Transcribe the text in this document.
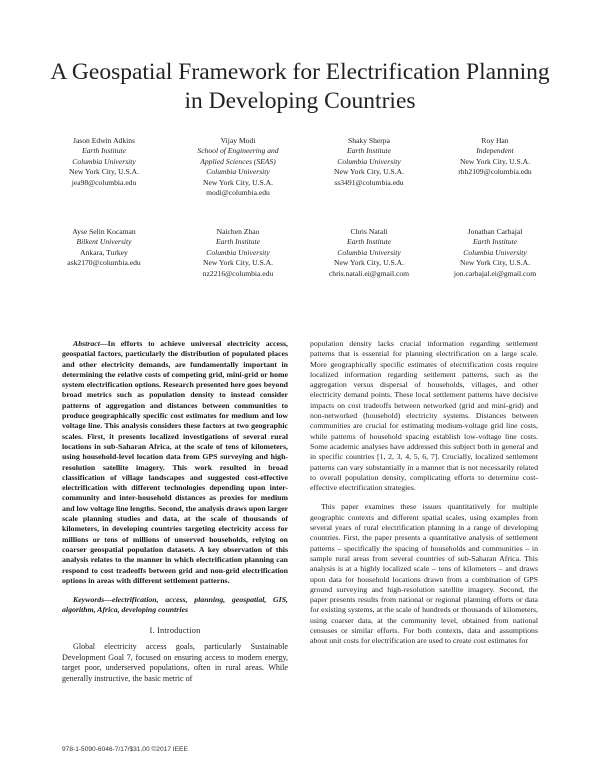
A Geospatial Framework for Electrification Planning
in Developing Countries
Jason Edwin Adkins
Earth Institute
Columbia University
New York City, U.S.A.
jea98@columbia.edu
Vijay Modi
School of Engineering and
Applied Sciences (SEAS)
Columbia University
New York City, U.S.A.
modi@columbia.edu
Shaky Sherpa
Earth Institute
Columbia University
New York City, U.S.A.
ss3491@columbia.edu
Roy Han
Independent
New York City, U.S.A.
rhh2109@columbia.edu
Ayse Selin Kocaman
Bilkent University
Ankara, Turkey
ask2170@columbia.edu
Naichen Zhao
Earth Institute
Columbia University
New York City, U.S.A.
nz2216@columbia.edu
Chris Natali
Earth Institute
Columbia University
New York City, U.S.A.
chris.natali.ei@gmail.com
Jonathan Carbajal
Earth Institute
Columbia University
New York City, U.S.A.
jon.carbajal.ei@gmail.com

Abstract—In efforts to achieve universal electricity access, geospatial factors, particularly the distribution of populated places and other electricity demands, are fundamentally important in determining the relative costs of competing grid, mini-grid or home system electrification options. Research presented here goes beyond broad metrics such as population density to instead consider patterns of aggregation and distances between communities to produce geographically specific cost estimates for medium and low voltage line. This analysis considers these factors at two geographic scales. First, it presents localized investigations of several rural locations in sub-Saharan Africa, at the scale of tens of kilometers, using household-level location data from GPS surveying and high-resolution satellite imagery. This work resulted in broad classification of village landscapes and suggested cost-effective electrification with different technologies depending upon inter-community and inter-household distances as proxies for medium and low voltage line lengths. Second, the analysis draws upon larger scale planning studies and data, at the scale of thousands of kilometers, in developing countries targeting electricity access for millions or tens of millions of unserved households, relying on coarser geospatial population datasets. A key observation of this analysis relates to the manner in which electrification planning can respond to cost tradeoffs between grid and non-grid electrification options in areas with different settlement patterns.

Keywords—electrification, access, planning, geospatial, GIS, algorithm, Africa, developing countries

I. Introduction

Global electricity access goals, particularly Sustainable Development Goal 7, focused on ensuring access to modern energy, target poor, underserved populations, often in rural areas. While generally instructive, the basic metric of

population density lacks crucial information regarding settlement patterns that is essential for planning electrification on a large scale. More geographically specific estimates of electrification costs require localized information regarding settlement patterns, such as the aggregation versus dispersal of households, villages, and other electricity demand points. These local settlement patterns have decisive impacts on cost tradeoffs between networked (grid and mini-grid) and non-networked (household) electricity systems. Distances between communities are crucial for estimating medium-voltage grid line costs, while patterns of household spacing establish low-voltage line costs. Some academic analyses have addressed this subject both in general and in specific countries [1, 2, 3, 4, 5, 6, 7]. Crucially, localized settlement patterns can vary substantially in a manner that is not necessarily related to overall population density, complicating efforts to determine cost-effective electrification strategies.

This paper examines these issues quantitatively for multiple geographic contexts and different spatial scales, using examples from several years of rural electrification planning in a range of developing countries. First, the paper presents a quantitative analysis of settlement patterns – specifically the spacing of households and communities – in sample rural areas from several countries of sub-Saharan Africa. This analysis is at a highly localized scale – tens of kilometers – and draws upon data for household locations drawn from a combination of GPS ground surveying and high-resolution satellite imagery. Second, the paper presents results from national or regional planning efforts or data for existing systems, at the scale of hundreds or thousands of kilometers, using coarser data, at the community level, obtained from national censuses or similar efforts. For both contexts, data and assumptions about unit costs for electrification are used to create cost estimates for

978-1-5090-6046-7/17/$31.00 ©2017 IEEE
